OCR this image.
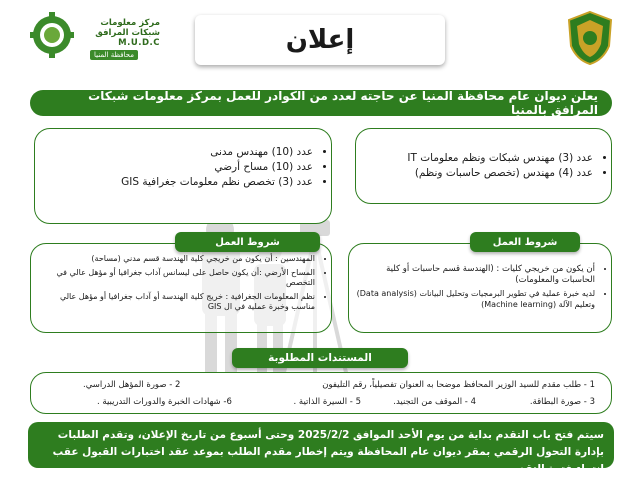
مركز معلومات
شبكات المرافق

M.U.D.C
محافظة المنيا	إعلان
يعلن ديوان عام محافظة المنيا عن حاجته لعدد من الكوادر للعمل بمركز معلومات شبكات المرافق بالمنيا
• عدد (3) مهندس شبكات ونظم معلومات IT
• عدد (4) مهندس (تخصص حاسبات ونظم)
• عدد (10) مهندس مدنى
• عدد (10) مساح أرضي
• عدد (3) تخصص نظم معلومات جغرافية GIS
• أن يكون من خريجي كليات : (الهندسة قسم حاسبات أو كلية الحاسبات والمعلومات)
• لديه خبرة عملية في تطوير البرمجيات وتحليل البيانات (Data analysis) وتعليم الآلة (Machine learning)
شروط العمل
• المهندسين : أن يكون من خريجي كلية الهندسة قسم مدني (مساحة)
• المساح الأرضي :أن يكون حاصل على ليسانس آداب جغرافيا أو مؤهل عالي في التخصص
• نظم المعلومات الجغرافية : خريج كلية الهندسة أو آداب جغرافيا أو مؤهل عالي مناسب وخبرة عملية في ال GIS
شروط العمل
1 - طلب مقدم للسيد الوزير المحافظ موضحا به العنوان تفصيلياً، رقم التليفون
2 - صورة المؤهل الدراسي.
3 - صورة البطاقة.
4 - الموقف من التجنيد.
5 - السيرة الذاتية .
6- شهادات الخبرة والدورات التدريبية .
المستندات المطلوبة
سيتم فتح باب التقدم بداية من يوم الأحد الموافق 2025/2/2 وحتى أسبوع من تاريخ الإعلان، وتقدم الطلبات بإدارة التحول الرقمي بمقر ديوان عام المحافظة ويتم إخطار مقدم الطلب بموعد عقد اختبارات القبول عقب انتهاء فترة التقدم
